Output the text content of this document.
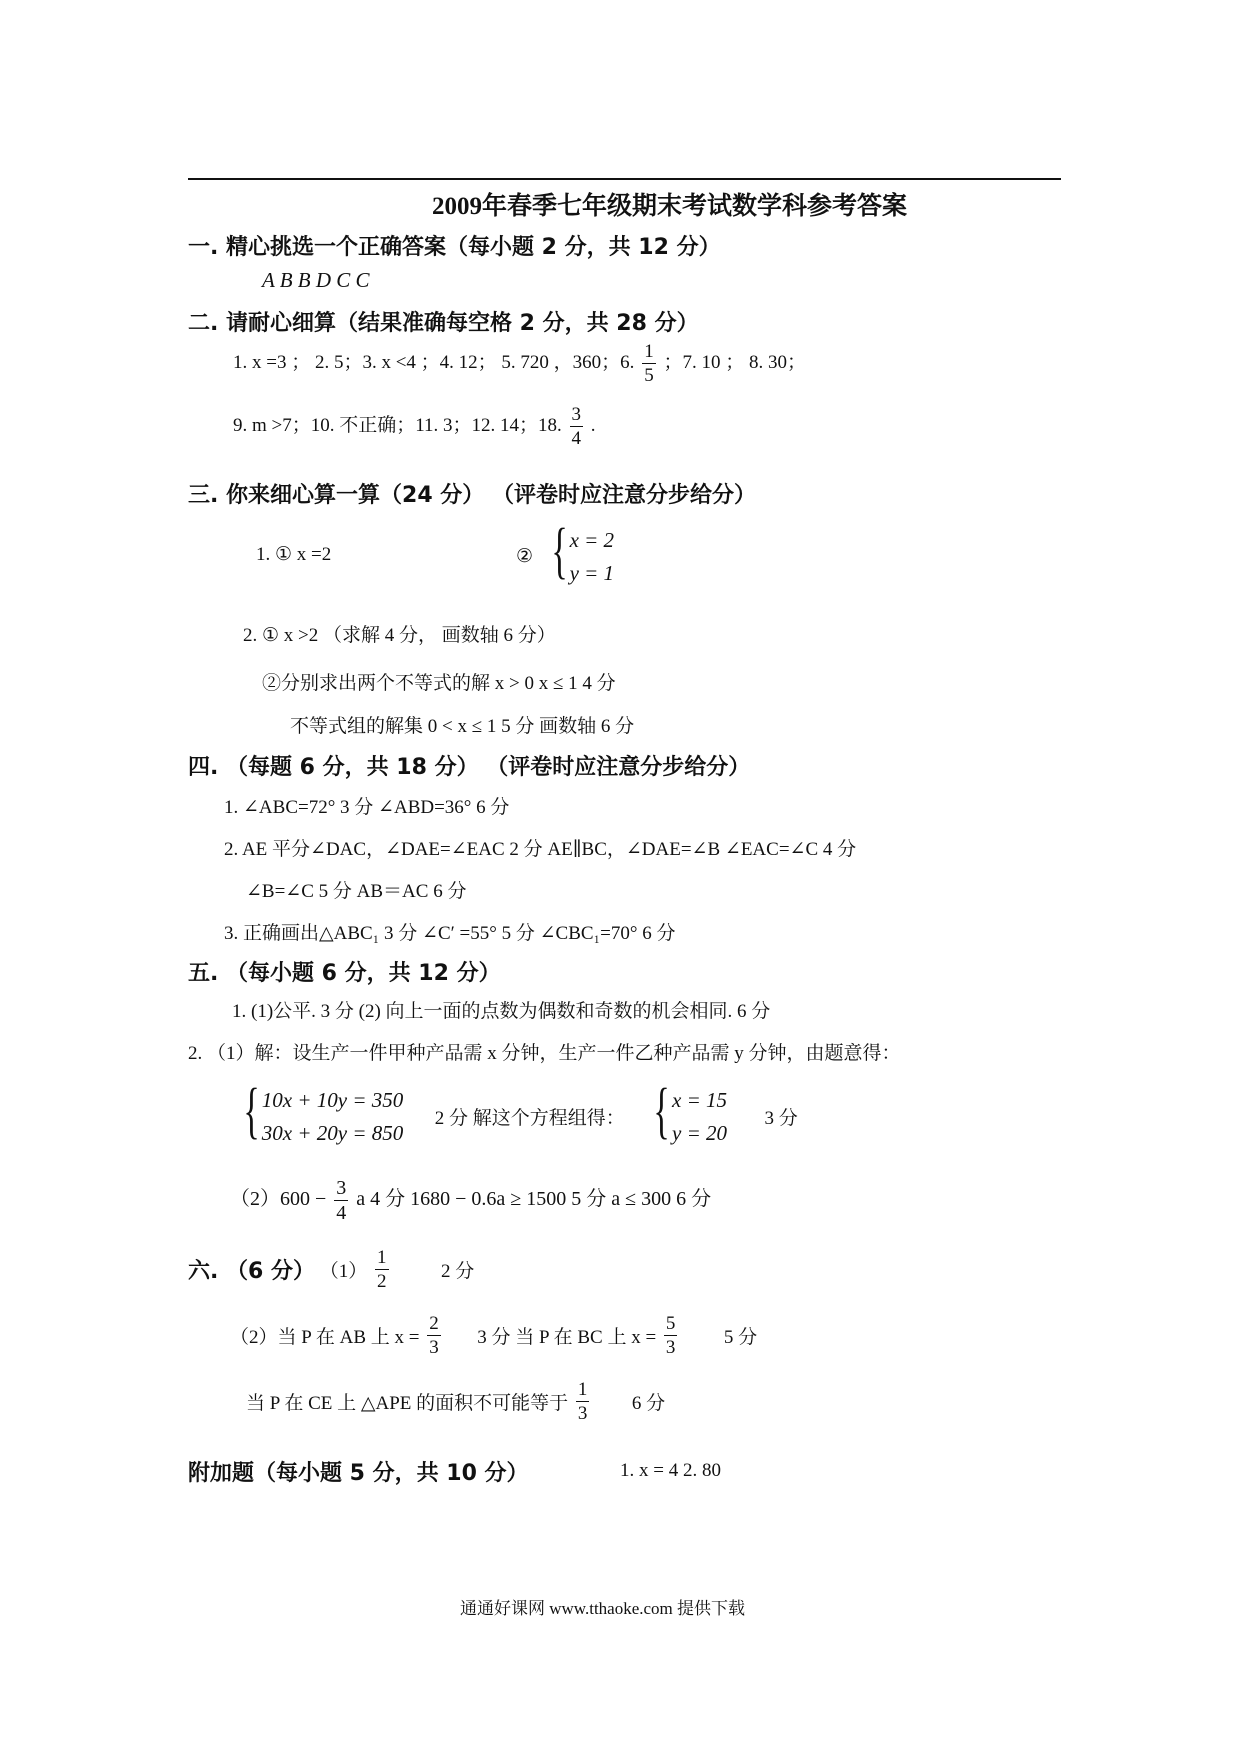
2009年春季七年级期末考试数学科参考答案
一. 精心挑选一个正确答案（每小题 2 分，共 12 分）
A B B D C C
二. 请耐心细算（结果准确每空格 2 分，共 28 分）
1. x =3 ； 2. 5；3. x <4 ；4. 12； 5. 720 ，360；6. $\frac{1}{5}$ ；7. 10 ； 8. 30；
9. m >7；10. 不正确；11. 3；12. 14；18. $\frac{3}{4}$ .
三. 你来细心算一算（24 分） （评卷时应注意分步给分）
1. ① x =2	② { x = 2
y = 1
2. ① x >2 （求解 4 分， 画数轴 6 分）
②分别求出两个不等式的解 x > 0 x ≤ 1 4 分
不等式组的解集 0 < x ≤ 1 5 分 画数轴 6 分
四. （每题 6 分，共 18 分） （评卷时应注意分步给分）
1. ∠ABC=72° 3 分 ∠ABD=36° 6 分
2. AE 平分∠DAC，∠DAE=∠EAC 2 分 AE∥BC，∠DAE=∠B ∠EAC=∠C 4 分
∠B=∠C 5 分 AB＝AC 6 分
3. 正确画出△ABC₁ 3 分 ∠C′ =55° 5 分 ∠CBC₁=70° 6 分
五. （每小题 6 分，共 12 分）
1. (1)公平. 3 分 (2) 向上一面的点数为偶数和奇数的机会相同. 6 分
2. （1）解：设生产一件甲种产品需 x 分钟，生产一件乙种产品需 y 分钟，由题意得：
{ 10x + 10y = 350
30x + 20y = 850
2 分 解这个方程组得： { x = 15
y = 20
3 分
$(2)600 - \frac{3}{4}$ a 4 分 1680 − 0.6a ≥ 1500 5 分 a ≤ 300 6 分
六. （6 分） $(1) \frac{1}{2}$	2 分
（2）当 P 在 AB 上 $x = \frac{2}{3} 3$ 分 当 P 在 BC 上 $x = \frac{5}{3} 5$ 分
当 P 在 CE 上 △APE 的面积不可能等于 $\frac{1}{3} 6$ 分
附加题（每小题 5 分，共 10 分）	1. x = 4 2. 80
通通好课网 www.tthaoke.com 提供下载
